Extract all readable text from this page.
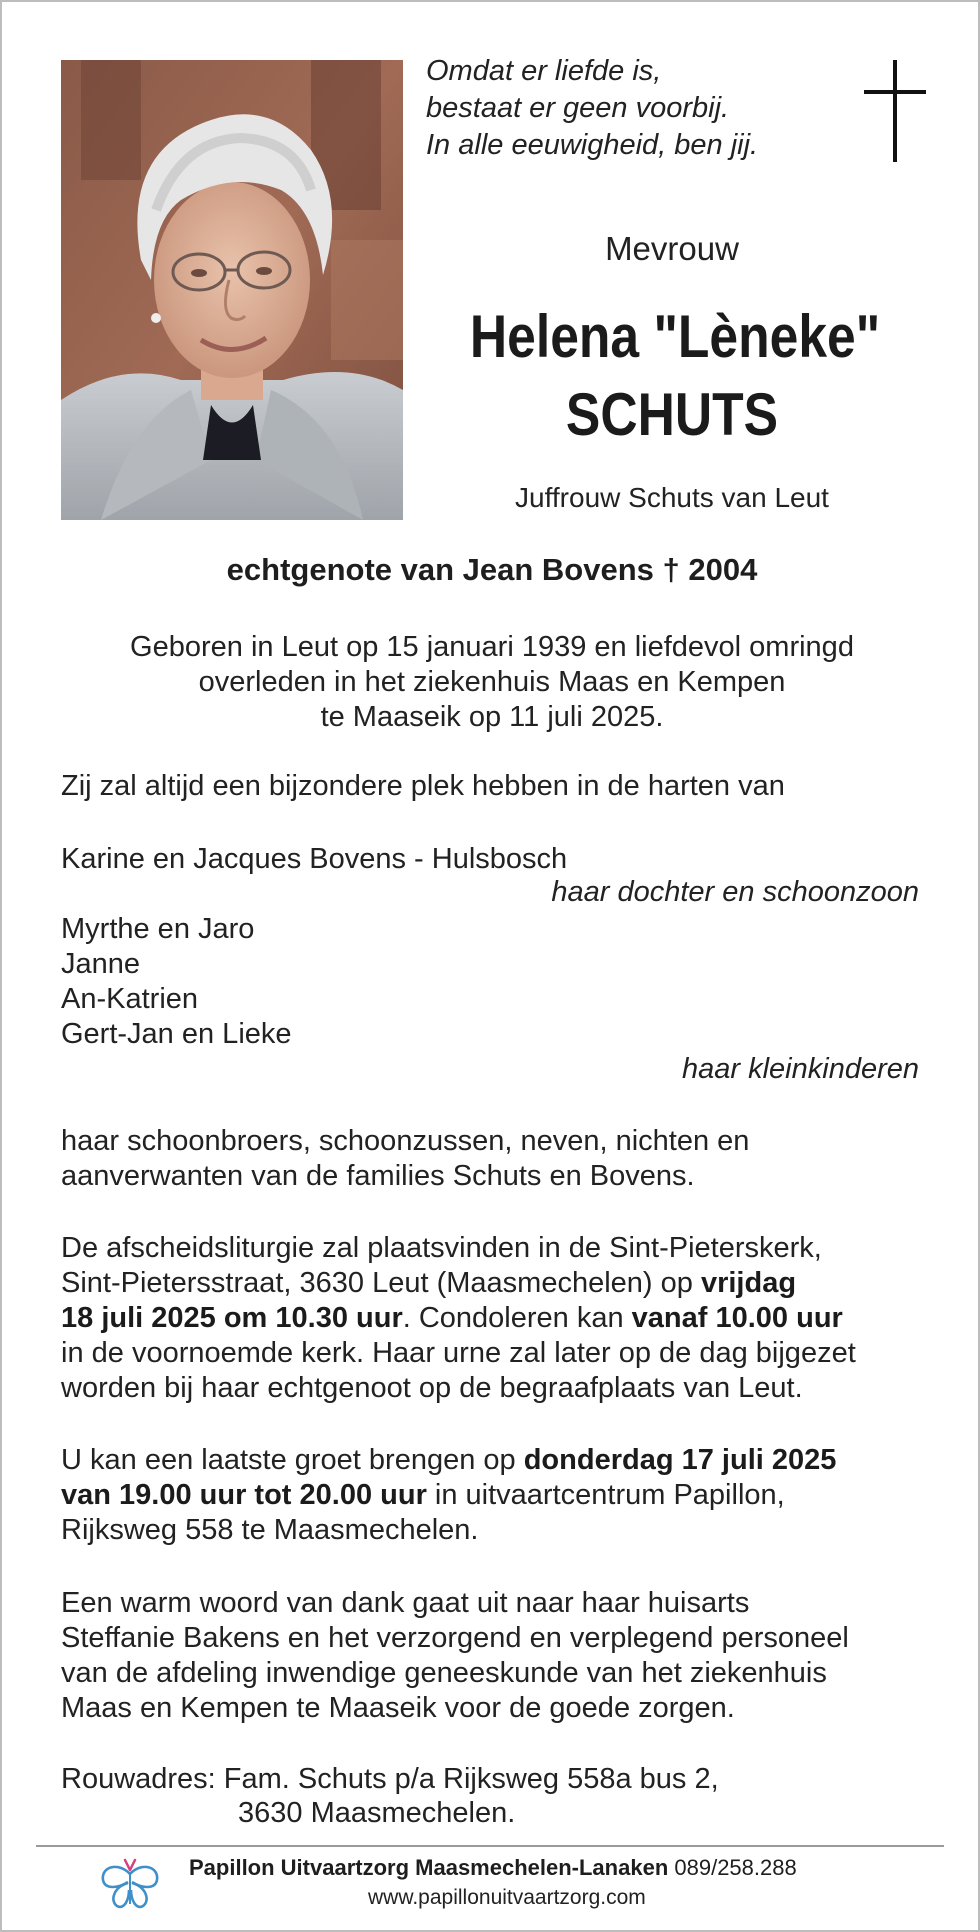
Omdat er liefde is,
bestaat er geen voorbij.
In alle eeuwigheid, ben jij.
Mevrouw
Helena "Lèneke"
SCHUTS
Juffrouw Schuts van Leut
echtgenote van Jean Bovens † 2004
Geboren in Leut op 15 januari 1939 en liefdevol omringd
overleden in het ziekenhuis Maas en Kempen
te Maaseik op 11 juli 2025.
Zij zal altijd een bijzondere plek hebben in de harten van
Karine en Jacques Bovens - Hulsbosch
haar dochter en schoonzoon
Myrthe en Jaro
Janne
An-Katrien
Gert-Jan en Lieke
haar kleinkinderen
haar schoonbroers, schoonzussen, neven, nichten en
aanverwanten van de families Schuts en Bovens.
De afscheidsliturgie zal plaatsvinden in de Sint-Pieterskerk,
Sint-Pietersstraat, 3630 Leut (Maasmechelen) op vrijdag
18 juli 2025 om 10.30 uur. Condoleren kan vanaf 10.00 uur
in de voornoemde kerk. Haar urne zal later op de dag bijgezet
worden bij haar echtgenoot op de begraafplaats van Leut.
U kan een laatste groet brengen op donderdag 17 juli 2025
van 19.00 uur tot 20.00 uur in uitvaartcentrum Papillon,
Rijksweg 558 te Maasmechelen.
Een warm woord van dank gaat uit naar haar huisarts
Steffanie Bakens en het verzorgend en verplegend personeel
van de afdeling inwendige geneeskunde van het ziekenhuis
Maas en Kempen te Maaseik voor de goede zorgen.
Rouwadres: Fam. Schuts p/a Rijksweg 558a bus 2,
3630 Maasmechelen.
Papillon Uitvaartzorg Maasmechelen-Lanaken 089/258.288
www.papillonuitvaartzorg.com
